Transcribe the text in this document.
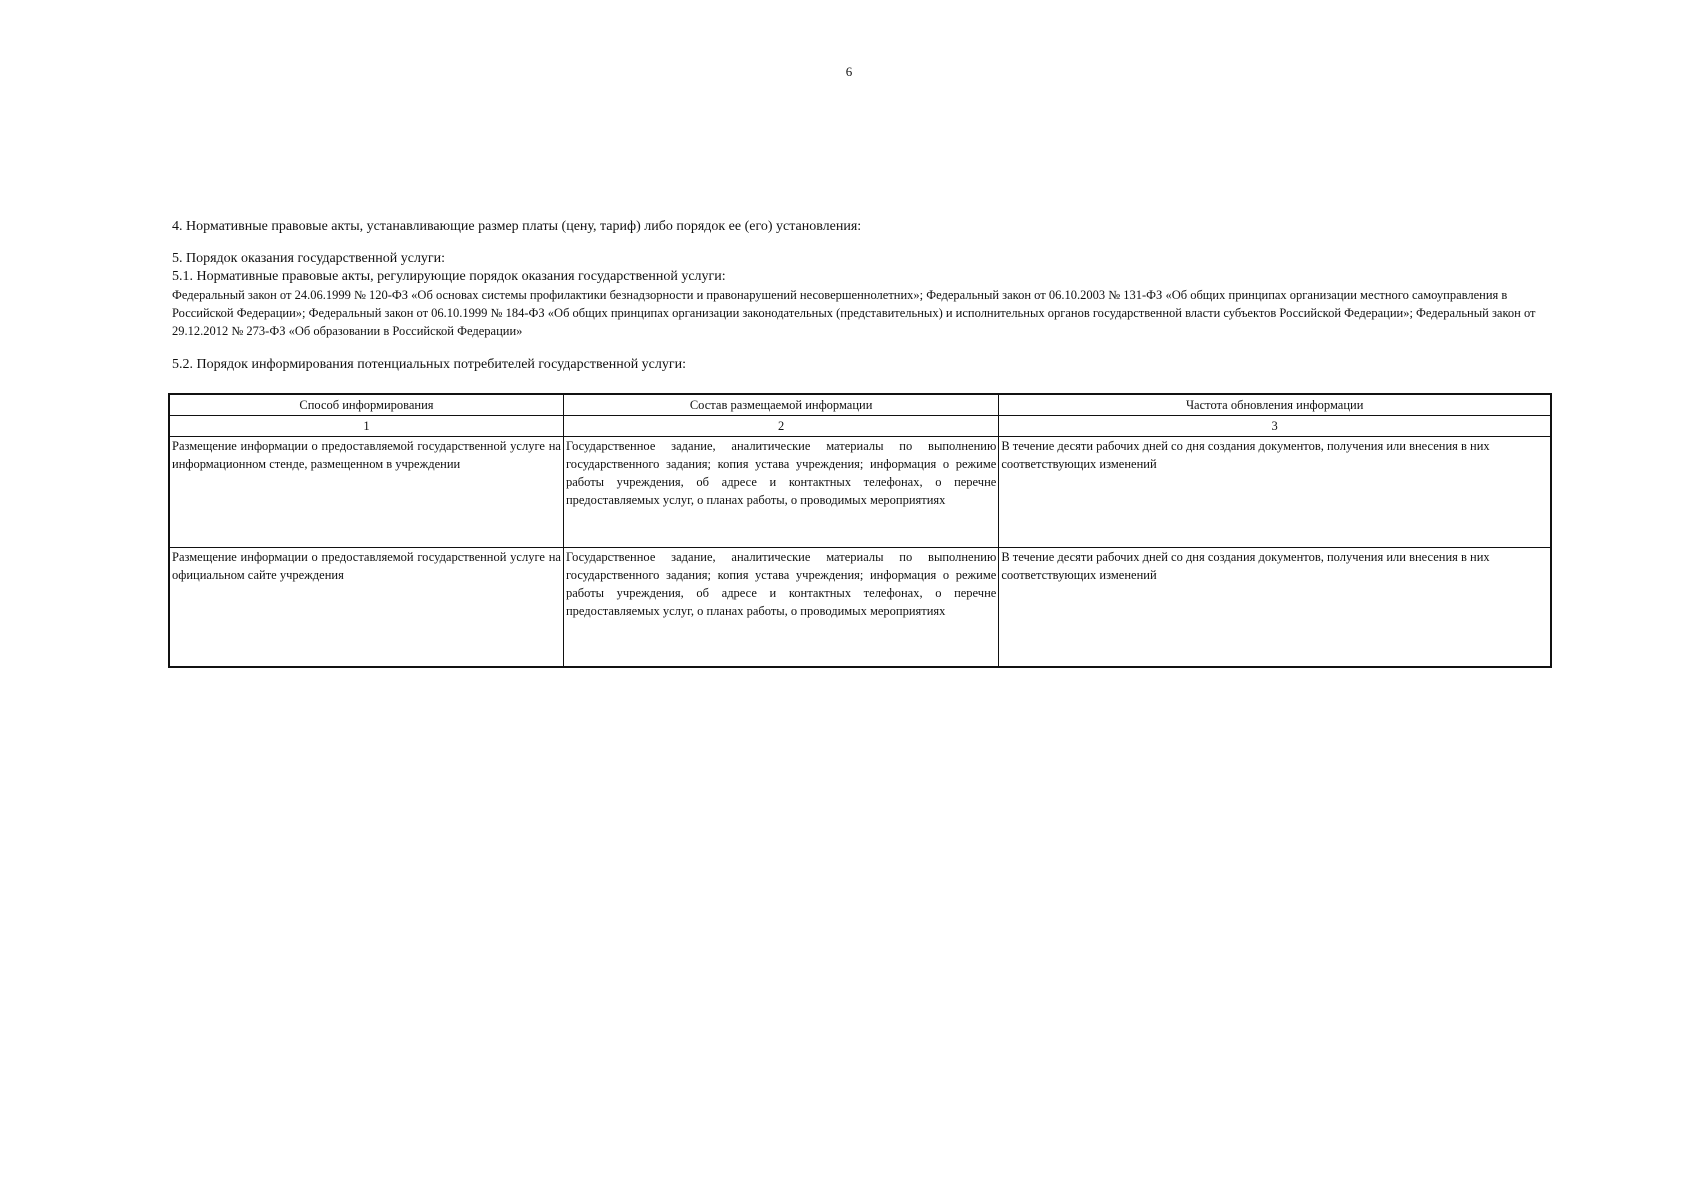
6

4. Нормативные правовые акты, устанавливающие размер платы (цену, тариф) либо порядок ее (его) установления:

5. Порядок оказания государственной услуги:

5.1. Нормативные правовые акты, регулирующие порядок оказания государственной услуги:

Федеральный закон от 24.06.1999 № 120-ФЗ «Об основах системы профилактики безнадзорности и правонарушений несовершеннолетних»; Федеральный закон от 06.10.2003 № 131-ФЗ «Об общих принципах организации местного самоуправления в Российской Федерации»; Федеральный закон от 06.10.1999 № 184-ФЗ «Об общих принципах организации законодательных (представительных) и исполнительных органов государственной власти субъектов Российской Федерации»; Федеральный закон от 29.12.2012 № 273-ФЗ «Об образовании в Российской Федерации»

5.2. Порядок информирования потенциальных потребителей государственной услуги:

Способ информирования	Состав размещаемой информации	Частота обновления информации
1	2	3
Размещение информации о предоставляемой государственной услуге на информационном стенде, размещенном в учреждении	Государственное задание, аналитические материалы по выполнению государственного задания; копия устава учреждения; информация о режиме работы учреждения, об адресе и контактных телефонах, о перечне предоставляемых услуг, о планах работы, о проводимых мероприятиях	В течение десяти рабочих дней со дня создания документов, получения или внесения в них соответствующих изменений
Размещение информации о предоставляемой государственной услуге на официальном сайте учреждения	Государственное задание, аналитические материалы по выполнению государственного задания; копия устава учреждения; информация о режиме работы учреждения, об адресе и контактных телефонах, о перечне предоставляемых услуг, о планах работы, о проводимых мероприятиях	В течение десяти рабочих дней со дня создания документов, получения или внесения в них соответствующих изменений
